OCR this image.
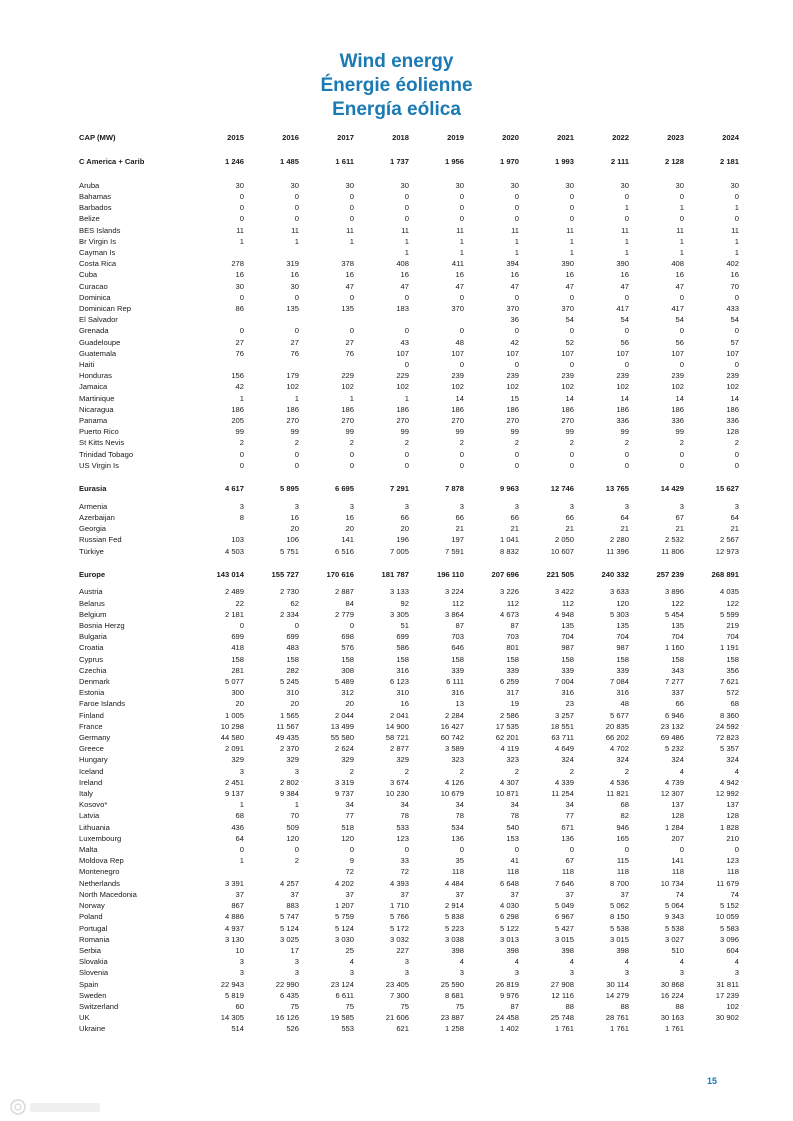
Wind energy
Énergie éolienne
Energía eólica
CAP (MW)	2015	2016	2017	2018	2019	2020	2021	2022	2023	2024

C America + Carib	1 246	1 485	1 611	1 737	1 956	1 970	1 993	2 111	2 128	2 181

Aruba	30	30	30	30	30	30	30	30	30	30
Bahamas	0	0	0	0	0	0	0	0	0	0
Barbados	0	0	0	0	0	0	0	1	1	1
Belize	0	0	0	0	0	0	0	0	0	0
BES Islands	11	11	11	11	11	11	11	11	11	11
Br Virgin Is	1	1	1	1	1	1	1	1	1	1
Cayman Is				1	1	1	1	1	1	1
Costa Rica	278	319	378	408	411	394	390	390	408	402
Cuba	16	16	16	16	16	16	16	16	16	16
Curacao	30	30	47	47	47	47	47	47	47	70
Dominica	0	0	0	0	0	0	0	0	0	0
Dominican Rep	86	135	135	183	370	370	370	417	417	433
El Salvador						36	54	54	54	54
Grenada	0	0	0	0	0	0	0	0	0	0
Guadeloupe	27	27	27	43	48	42	52	56	56	57
Guatemala	76	76	76	107	107	107	107	107	107	107
Haiti				0	0	0	0	0	0	0
Honduras	156	179	229	229	239	239	239	239	239	239
Jamaica	42	102	102	102	102	102	102	102	102	102
Martinique	1	1	1	1	14	15	14	14	14	14
Nicaragua	186	186	186	186	186	186	186	186	186	186
Panama	205	270	270	270	270	270	270	336	336	336
Puerto Rico	99	99	99	99	99	99	99	99	99	128
St Kitts Nevis	2	2	2	2	2	2	2	2	2	2
Trinidad Tobago	0	0	0	0	0	0	0	0	0	0
US Virgin Is	0	0	0	0	0	0	0	0	0	0

Eurasia	4 617	5 895	6 695	7 291	7 878	9 963	12 746	13 765	14 429	15 627

Armenia	3	3	3	3	3	3	3	3	3	3
Azerbaijan	8	16	16	66	66	66	66	64	67	64
Georgia		20	20	20	21	21	21	21	21	21
Russian Fed	103	106	141	196	197	1 041	2 050	2 280	2 532	2 567
Türkiye	4 503	5 751	6 516	7 005	7 591	8 832	10 607	11 396	11 806	12 973

Europe	143 014	155 727	170 616	181 787	196 110	207 696	221 505	240 332	257 239	268 891

Austria	2 489	2 730	2 887	3 133	3 224	3 226	3 422	3 633	3 896	4 035
Belarus	22	62	84	92	112	112	112	120	122	122
Belgium	2 181	2 334	2 779	3 305	3 864	4 673	4 948	5 303	5 454	5 599
Bosnia Herzg	0	0	0	51	87	87	135	135	135	219
Bulgaria	699	699	698	699	703	703	704	704	704	704
Croatia	418	483	576	586	646	801	987	987	1 160	1 191
Cyprus	158	158	158	158	158	158	158	158	158	158
Czechia	281	282	308	316	339	339	339	339	343	356
Denmark	5 077	5 245	5 489	6 123	6 111	6 259	7 004	7 084	7 277	7 621
Estonia	300	310	312	310	316	317	316	316	337	572
Faroe Islands	20	20	20	16	13	19	23	48	66	68
Finland	1 005	1 565	2 044	2 041	2 284	2 586	3 257	5 677	6 946	8 360
France	10 298	11 567	13 499	14 900	16 427	17 535	18 551	20 835	23 132	24 592
Germany	44 580	49 435	55 580	58 721	60 742	62 201	63 711	66 202	69 486	72 823
Greece	2 091	2 370	2 624	2 877	3 589	4 119	4 649	4 702	5 232	5 357
Hungary	329	329	329	329	323	323	324	324	324	324
Iceland	3	3	2	2	2	2	2	2	4	4
Ireland	2 451	2 802	3 319	3 674	4 126	4 307	4 339	4 536	4 739	4 942
Italy	9 137	9 384	9 737	10 230	10 679	10 871	11 254	11 821	12 307	12 992
Kosovo*	1	1	34	34	34	34	34	68	137	137
Latvia	68	70	77	78	78	78	77	82	128	128
Lithuania	436	509	518	533	534	540	671	946	1 284	1 828
Luxembourg	64	120	120	123	136	153	136	165	207	210
Malta	0	0	0	0	0	0	0	0	0	0
Moldova Rep	1	2	9	33	35	41	67	115	141	123
Montenegro			72	72	118	118	118	118	118	118
Netherlands	3 391	4 257	4 202	4 393	4 484	6 648	7 646	8 700	10 734	11 679
North Macedonia	37	37	37	37	37	37	37	37	74	74
Norway	867	883	1 207	1 710	2 914	4 030	5 049	5 062	5 064	5 152
Poland	4 886	5 747	5 759	5 766	5 838	6 298	6 967	8 150	9 343	10 059
Portugal	4 937	5 124	5 124	5 172	5 223	5 122	5 427	5 538	5 538	5 583
Romania	3 130	3 025	3 030	3 032	3 038	3 013	3 015	3 015	3 027	3 096
Serbia	10	17	25	227	398	398	398	398	510	604
Slovakia	3	3	4	3	4	4	4	4	4	4
Slovenia	3	3	3	3	3	3	3	3	3	3
Spain	22 943	22 990	23 124	23 405	25 590	26 819	27 908	30 114	30 868	31 811
Sweden	5 819	6 435	6 611	7 300	8 681	9 976	12 116	14 279	16 224	17 239
Switzerland	60	75	75	75	75	87	88	88	88	102
UK	14 305	16 126	19 585	21 606	23 887	24 458	25 748	28 761	30 163	30 902
Ukraine	514	526	553	621	1 258	1 402	1 761	1 761	1 761	
15
